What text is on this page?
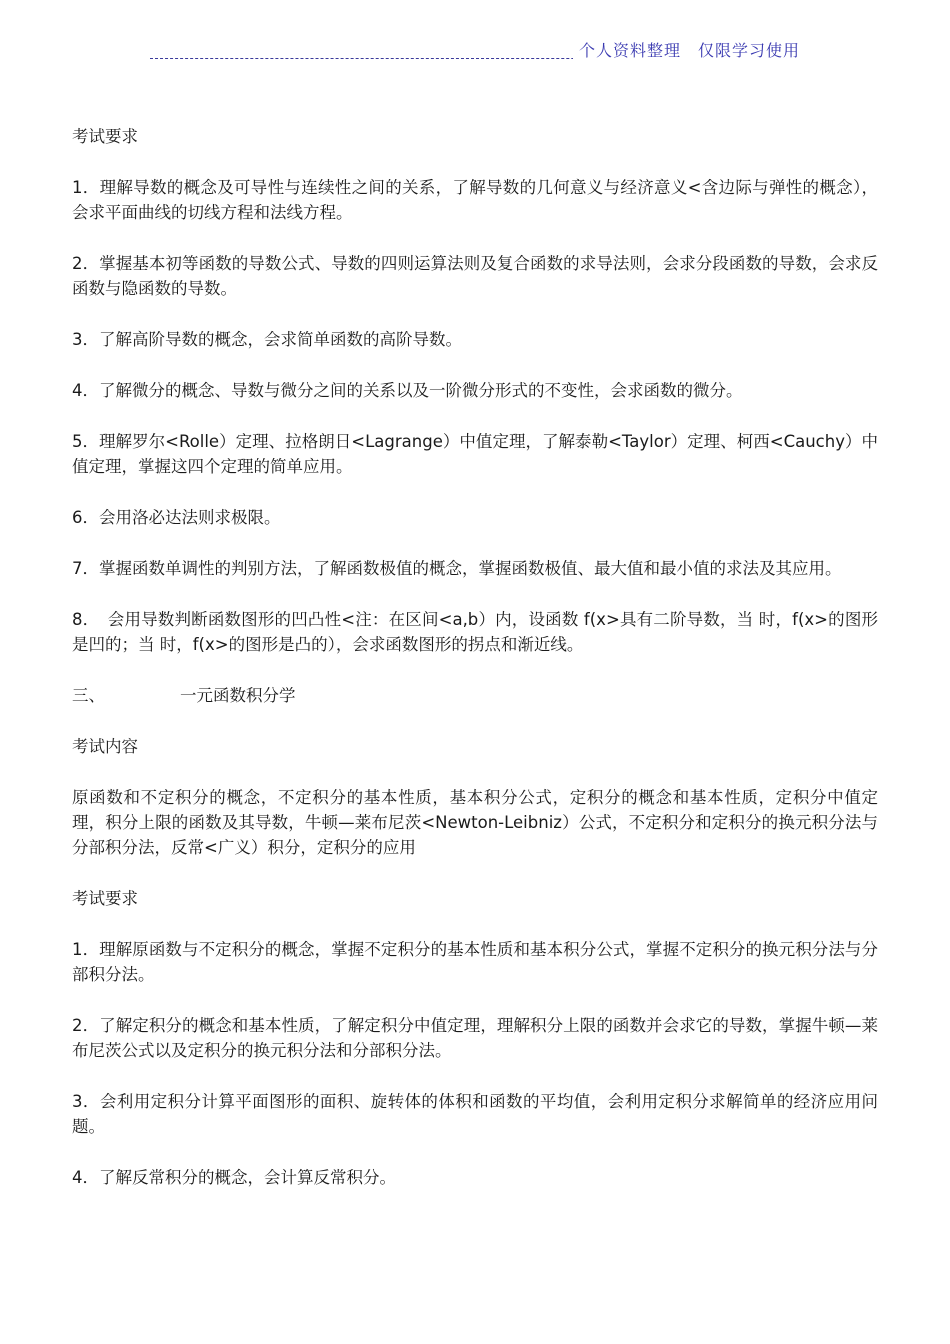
个人资料整理　仅限学习使用

考试要求

1．理解导数的概念及可导性与连续性之间的关系，了解导数的几何意义与经济意义<含边际与弹性的概念），会求平面曲线的切线方程和法线方程。

2．掌握基本初等函数的导数公式、导数的四则运算法则及复合函数的求导法则，会求分段函数的导数，会求反函数与隐函数的导数。

3．了解高阶导数的概念，会求简单函数的高阶导数。

4．了解微分的概念、导数与微分之间的关系以及一阶微分形式的不变性，会求函数的微分。

5．理解罗尔<Rolle）定理、拉格朗日<Lagrange）中值定理，了解泰勒<Taylor）定理、柯西<Cauchy）中值定理，掌握这四个定理的简单应用。

6．会用洛必达法则求极限。

7．掌握函数单调性的判别方法，了解函数极值的概念，掌握函数极值、最大值和最小值的求法及其应用。

8．　会用导数判断函数图形的凹凸性<注：在区间<a,b）内，设函数 f(x>具有二阶导数，当 时，f(x>的图形是凹的；当 时，f(x>的图形是凸的），会求函数图形的拐点和渐近线。

三、	一元函数积分学

考试内容

原函数和不定积分的概念，不定积分的基本性质，基本积分公式，定积分的概念和基本性质，定积分中值定理，积分上限的函数及其导数，牛顿—莱布尼茨<Newton-Leibniz）公式，不定积分和定积分的换元积分法与分部积分法，反常<广义）积分，定积分的应用

考试要求

1．理解原函数与不定积分的概念，掌握不定积分的基本性质和基本积分公式，掌握不定积分的换元积分法与分部积分法。

2．了解定积分的概念和基本性质，了解定积分中值定理，理解积分上限的函数并会求它的导数，掌握牛顿—莱布尼茨公式以及定积分的换元积分法和分部积分法。

3．会利用定积分计算平面图形的面积、旋转体的体积和函数的平均值，会利用定积分求解简单的经济应用问题。

4．了解反常积分的概念，会计算反常积分。
